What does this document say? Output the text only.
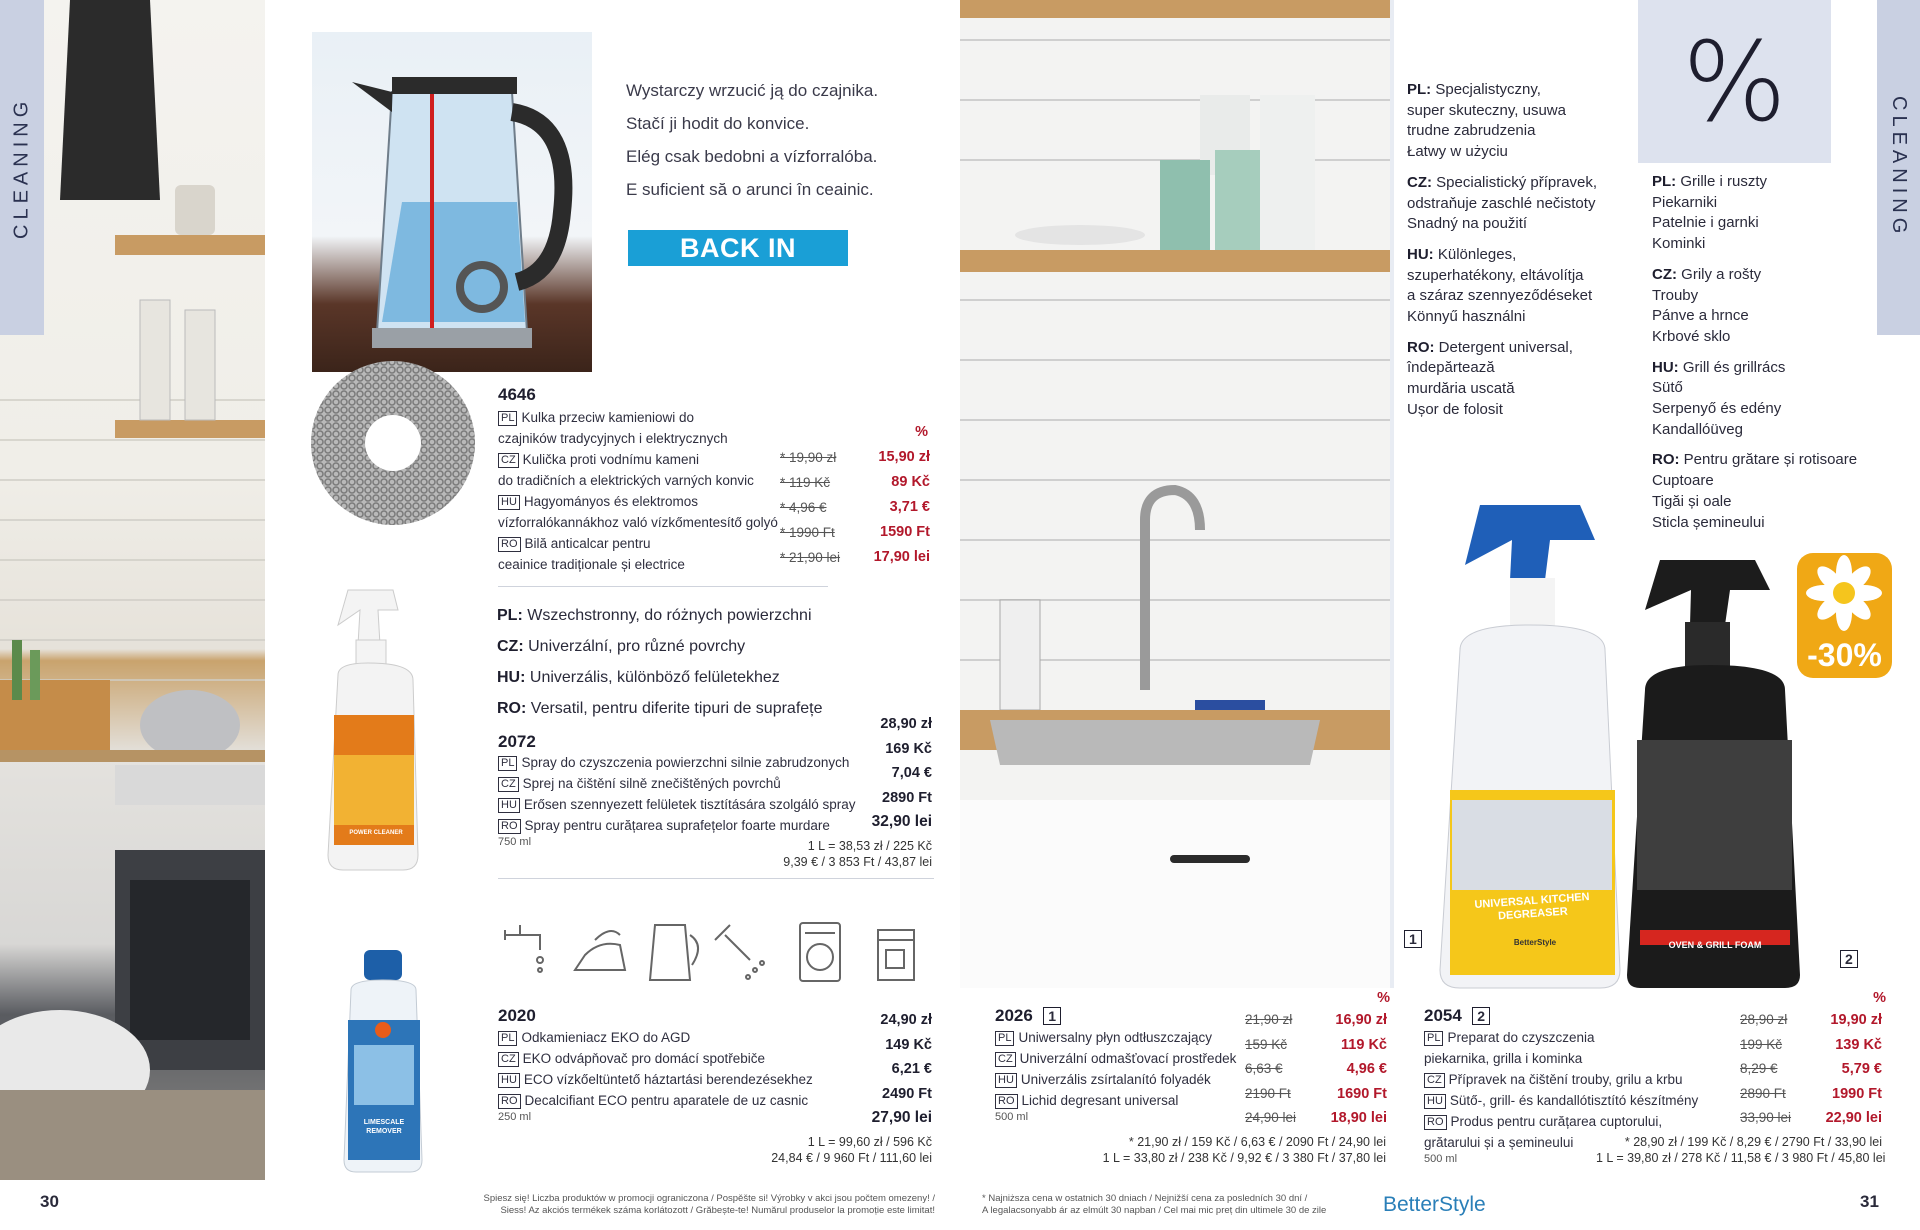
CLEANING
30
Wystarczy wrzucić ją do czajnika.
Stačí ji hodit do konvice.
Elég csak bedobni a vízforralóba.
E suficient să o arunci în ceainic.
BACK IN STOCK
4646
PL Kulka przeciw kamieniowi do
czajników tradycyjnych i elektrycznych
CZ Kulička proti vodnímu kameni
do tradičních a elektrických varných konvic
HU Hagyományos és elektromos
vízforralókannákhoz való vízkőmentesítő golyó
RO Bilă anticalcar pentru
ceainice tradiționale și electrice
%
* 19,90 zł	15,90 zł
* 119 Kč	89 Kč
* 4,96 €	3,71 €
* 1990 Ft	1590 Ft
* 21,90 lei 17,90 lei
POWER CLEANER
PL: Wszechstronny, do różnych powierzchni
CZ: Univerzální, pro různé povrchy
HU: Univerzális, különböző felületekhez
RO: Versatil, pentru diferite tipuri de suprafețe
2072
PL Spray do czyszczenia powierzchni silnie zabrudzonych
CZ Sprej na čištění silně znečištěných povrchů
HU Erősen szennyezett felületek tisztítására szolgáló spray
RO Spray pentru curățarea suprafețelor foarte murdare
750 ml
28,90 zł
169 Kč
7,04 €
2890 Ft
32,90 lei
1 L = 38,53 zł / 225 Kč
9,39 € / 3 853 Ft / 43,87 lei
LIMESCALE REMOVER
2020
PL Odkamieniacz EKO do AGD
CZ EKO odvápňovač pro domácí spotřebiče
HU ECO vízkőeltüntető háztartási berendezésekhez
RO Decalcifiant ECO pentru aparatele de uz casnic
250 ml
24,90 zł
149 Kč
6,21 €
2490 Ft
27,90 lei
1 L = 99,60 zł / 596 Kč
24,84 € / 9 960 Ft / 111,60 lei
Spiesz się! Liczba produktów w promocji ograniczona / Pospěšte si! Výrobky v akci jsou počtem omezeny! /
Siess! Az akciós termékek száma korlátozott / Grăbește-te! Numărul produselor la promoție este limitat!
PL: Specjalistyczny,
super skuteczny, usuwa
trudne zabrudzenia
Łatwy w użyciu
CZ: Specialistický přípravek,
odstraňuje zaschlé nečistoty
Snadný na použití
HU: Különleges,
szuperhatékony, eltávolítja
a száraz szennyeződéseket
Könnyű használni
RO: Detergent universal,
îndepărtează
murdăria uscată
Ușor de folosit
%
CLEANING
PL: Grille i ruszty
Piekarniki
Patelnie i garnki
Kominki
CZ: Grily a rošty
Trouby
Pánve a hrnce
Krbové sklo
HU: Grill és grillrács
Sütő
Serpenyő és edény
Kandallóüveg
RO: Pentru grătare și rotisoare
Cuptoare
Tigăi și oale
Sticla șemineului
UNIVERSAL KITCHEN DEGREASER
BetterStyle	OVEN & GRILL FOAM
-30%
1
2
2026 1
%
PL Uniwersalny płyn odtłuszczający
CZ Univerzální odmašťovací prostředek
HU Univerzális zsírtalanító folyadék
RO Lichid degresant universal
500 ml
21,90 zł	16,90 zł
159 Kč	119 Kč
6,63 €	4,96 €
2190 Ft	1690 Ft
24,90 lei 18,90 lei
* 21,90 zł / 159 Kč / 6,63 € / 2090 Ft / 24,90 lei
1 L = 33,80 zł / 238 Kč / 9,92 € / 3 380 Ft / 37,80 lei
2054 2
%
PL Preparat do czyszczenia
piekarnika, grilla i kominka
CZ Přípravek na čištění trouby, grilu a krbu
HU Sütő-, grill- és kandallótisztító készítmény
RO Produs pentru curățarea cuptorului,
grătarului și a șemineului
500 ml
28,90 zł	19,90 zł
199 Kč	139 Kč
8,29 €	5,79 €
2890 Ft	1990 Ft
33,90 lei 22,90 lei
* 28,90 zł / 199 Kč / 8,29 € / 2790 Ft / 33,90 lei
1 L = 39,80 zł / 278 Kč / 11,58 € / 3 980 Ft / 45,80 lei
* Najniższa cena w ostatnich 30 dniach / Nejnižší cena za posledních 30 dní /
A legalacsonyabb ár az elmúlt 30 napban / Cel mai mic preț din ultimele 30 de zile	BetterStyle	31
